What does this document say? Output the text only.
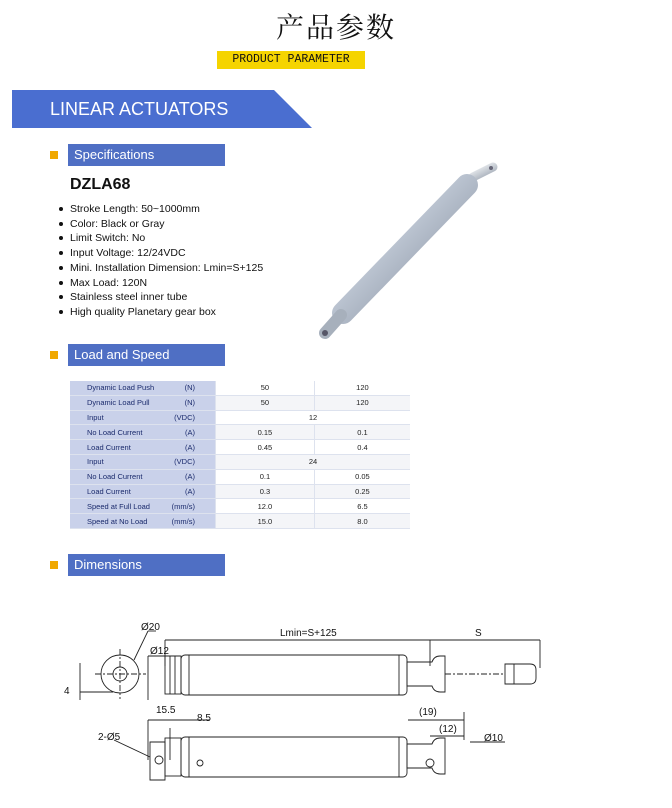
产品参数
PRODUCT PARAMETER
LINEAR ACTUATORS
Specifications
DZLA68
Stroke Length: 50~1000mm
Color: Black or Gray
Limit Switch: No
Input Voltage: 12/24VDC
Mini. Installation Dimension: Lmin=S+125
Max Load: 120N
Stainless steel inner tube
High quality Planetary gear box
Load and Speed
Dynamic Load Push (N)	50	120
Dynamic Load Pull (N)	50	120
Input (VDC)	12	
No Load Current (A)	0.15	0.1
Load Current (A)	0.45	0.4
Input (VDC)	24	
No Load Current (A)	0.1	0.05
Load Current (A)	0.3	0.25
Speed at Full Load (mm/s)	12.0	6.5
Speed at No Load (mm/s)	15.0	8.0
Dimensions
Ø20
4
Lmin=S+125	S
Ø12
15.5
8.5
(19)
(12)
2-Ø5	Ø10
